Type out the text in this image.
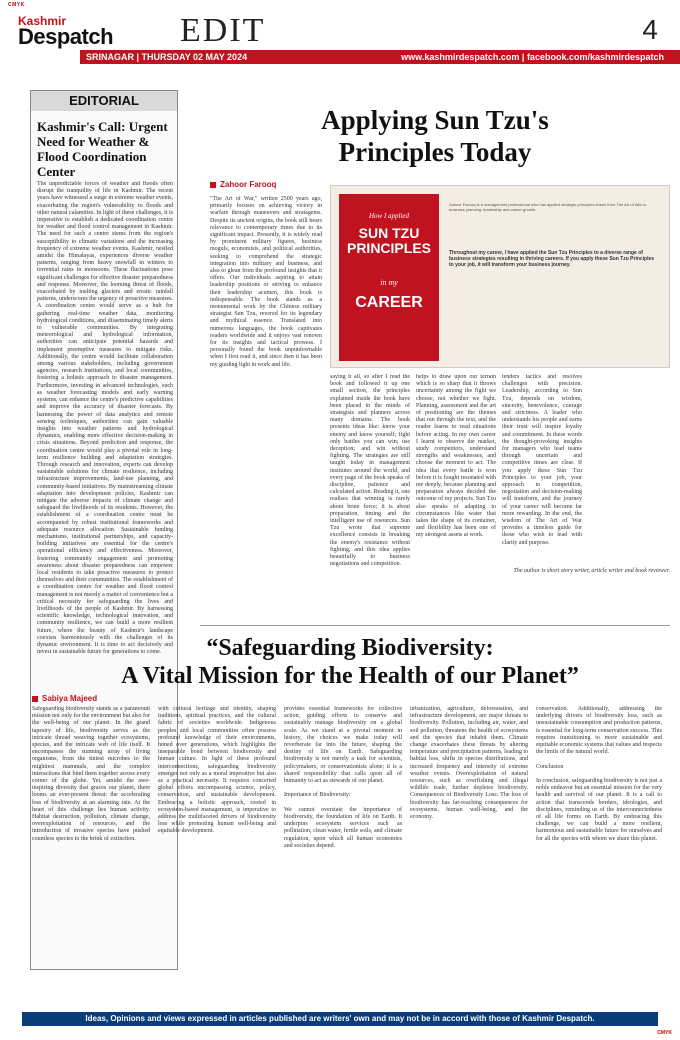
CMYK
Kashmir
Despatch EDIT	4
SRINAGAR | THURSDAY 02 MAY 2024	www.kashmirdespatch.com | facebook.com/kashmirdespatch
EDITORIAL
Kashmir's Call: Urgent Need for Weather & Flood Coordination Center
The unpredictable forces of weather and floods often disrupt the tranquility of life in Kashmir. The recent years have witnessed a surge in extreme weather events, exacerbating the region's vulnerability to floods and other natural calamities. In light of these challenges, it is imperative to establish a dedicated coordination centre for weather and flood control management in Kashmir. The need for such a centre stems from the region's susceptibility to climatic variations and the increasing frequency of extreme weather events. Kashmir, nestled amidst the Himalayas, experiences diverse weather patterns, ranging from heavy snowfall in winters to torrential rains in monsoons. These fluctuations pose significant challenges for effective disaster preparedness and response. Moreover, the looming threat of floods, exacerbated by melting glaciers and erratic rainfall patterns, underscores the urgency of proactive measures. A coordination centre would serve as a hub for gathering real-time weather data, monitoring hydrological conditions, and disseminating timely alerts to vulnerable communities. By integrating meteorological and hydrological information, authorities can anticipate potential hazards and implement preemptive measures to mitigate risks. Additionally, the centre would facilitate collaboration among various stakeholders, including government agencies, research institutions, and local communities, fostering a holistic approach to disaster management. Furthermore, investing in advanced technologies, such as weather forecasting models and early warning systems, can enhance the centre's predictive capabilities and improve the accuracy of disaster forecasts. By harnessing the power of data analytics and remote sensing techniques, authorities can gain valuable insights into weather patterns and hydrological dynamics, enabling more effective decision-making in crisis situations. Beyond prediction and response, the coordination centre would play a pivotal role in long-term resilience building and adaptation strategies. Through research and innovation, experts can develop sustainable solutions for climate resilience, including infrastructure improvements, land-use planning, and community-based initiatives. By mainstreaming climate adaptation into development policies, Kashmir can mitigate the adverse impacts of climate change and safeguard the livelihoods of its residents. However, the establishment of a coordination centre must be accompanied by robust institutional frameworks and adequate resource allocation. Sustainable funding mechanisms, institutional partnerships, and capacity-building initiatives are essential for the centre's operational efficiency and effectiveness. Moreover, fostering community engagement and promoting awareness about disaster preparedness can empower local residents to take proactive measures to protect themselves and their communities. The establishment of a coordination centre for weather and flood control management is not merely a matter of convenience but a critical necessity for safeguarding the lives and livelihoods of the people of Kashmir. By harnessing scientific knowledge, technological innovation, and community resilience, we can build a more resilient future, where the beauty of Kashmir's landscape coexists harmoniously with the challenges of its dynamic environment. It is time to act decisively and invest in sustainable future for generations to come.
Applying Sun Tzu's
Principles Today
Zahoor Farooq
"The Art of War," written 2500 years ago, primarily focuses on achieving victory in warfare through maneuvers and stratagems. Despite its ancient origins, the book still bears relevance to contemporary times due to its significant impact. Presently, it is widely read by prominent military figures, business moguls, economists, and political authorities, seeking to comprehend the strategic integration into military and business, and also to glean from the profound insights that it offers. Our individuals aspiring to attain leadership positions or striving to enhance their leadership acumen, this book is indispensable. The book stands as a monumental work by the Chinese military strategist Sun Tzu, revered for its legendary and mythical essence. Translated into numerous languages, the book captivates readers worldwide and it enjoys vast renown for its insights and tactical prowess. I personally found the book unputdownable when I first read it, and since then it has been my guiding light in work and life.
How I applied
SUN TZU PRINCIPLES
in my
CAREER
Zahoor Farooq is a management professional who has applied strategic principles drawn from The Art of War to business planning, leadership and career growth.
Throughout my career, I have applied the Sun Tzu Principles to a diverse range of business strategies resulting in thriving careers. If you apply these Sun Tzu Principles to your job, it will transform your business journey.
saying it all, so after I read the book and followed it up one small section, the principles explained inside the book have been placed in the minds of strategists and planners across many domains. The book presents ideas like: know your enemy and know yourself; fight only battles you can win; use deception; and win without fighting. The strategies are still taught today in management institutes around the world, and every page of the book speaks of discipline, patience and calculated action. Reading it, one realises that winning is rarely about brute force; it is about preparation, timing and the intelligent use of resources. Sun Tzu wrote that supreme excellence consists in breaking the enemy's resistance without fighting, and this idea applies beautifully to business negotiations and competition.
helps to draw upon our terrain which is so sharp that it throws uncertainty among the fight we choose, not whether we fight. Planning, assessment and the art of positioning are the themes that run through the text, and the reader learns to read situations before acting. In my own career I learnt to observe the market, study competitors, understand strengths and weaknesses, and choose the moment to act. The idea that every battle is won before it is fought resonated with me deeply, because planning and preparation always decided the outcome of my projects. Sun Tzu also speaks of adapting to circumstances like water that takes the shape of its container, and flexibility has been one of my strongest assets at work.
tenders tactics and resolves challenges with precision. Leadership, according to Sun Tzu, depends on wisdom, sincerity, benevolence, courage and strictness. A leader who understands his people and earns their trust will inspire loyalty and commitment. In these words the thought-provoking insights for managers who lead teams through uncertain and competitive times are clear. If you apply these Sun Tzu Principles to your job, your approach to competition, negotiation and decision-making will transform, and the journey of your career will become far more rewarding. In the end, the wisdom of The Art of War provides a timeless guide for those who wish to lead with clarity and purpose.
The author is short story writer, article writer and book reviewer.
“Safeguarding Biodiversity:
A Vital Mission for the Health of our Planet”
Sabiya Majeed
Safeguarding biodiversity stands as a paramount mission not only for the environment but also for the well-being of our planet. In the grand tapestry of life, biodiversity serves as the intricate thread weaving together ecosystems, species, and the intricate web of life itself. It encompasses the stunning array of living organisms, from the tiniest microbes to the mightiest mammals, and the complex interactions that bind them together across every corner of the globe. Yet, amidst the awe-inspiring diversity that graces our planet, there looms an ever-present threat: the accelerating loss of biodiversity at an alarming rate. At the heart of this challenge lies human activity. Habitat destruction, pollution, climate change, overexploitation of resources, and the introduction of invasive species have pushed countless species to the brink of extinction.
with cultural heritage and identity, shaping traditions, spiritual practices, and the cultural fabric of societies worldwide. Indigenous peoples and local communities often possess profound knowledge of their environments, honed over generations, which highlights the inseparable bond between biodiversity and human culture. In light of these profound interconnections, safeguarding biodiversity emerges not only as a moral imperative but also as a practical necessity. It requires concerted global efforts encompassing science, policy, conservation, and sustainable development. Embracing a holistic approach, rooted in ecosystem-based management, is imperative to address the multifaceted drivers of biodiversity loss while promoting human well-being and equitable development.
provides essential frameworks for collective action, guiding efforts to conserve and sustainably manage biodiversity on a global scale. As we stand at a pivotal moment in history, the choices we make today will reverberate far into the future, shaping the destiny of life on Earth. Safeguarding biodiversity is not merely a task for scientists, policymakers, or conservationists alone; it is a shared responsibility that calls upon all of humanity to act as stewards of our planet.

Importance of Biodiversity:

We cannot overstate the importance of biodiversity, the foundation of life on Earth. It underpins ecosystem services such as pollination, clean water, fertile soils, and climate regulation, upon which all human economies and societies depend.
urbanization, agriculture, deforestation, and infrastructure development, are major threats to biodiversity. Pollution, including air, water, and soil pollution, threatens the health of ecosystems and the species that inhabit them. Climate change exacerbates these threats by altering temperature and precipitation patterns, leading to habitat loss, shifts in species distributions, and increased frequency and intensity of extreme weather events. Overexploitation of natural resources, such as overfishing and illegal wildlife trade, further depletes biodiversity. Consequences of Biodiversity Loss: The loss of biodiversity has far-reaching consequences for ecosystems, human well-being, and the economy.
conservation. Additionally, addressing the underlying drivers of biodiversity loss, such as unsustainable consumption and production patterns, is essential for long-term conservation success. This requires transitioning to more sustainable and equitable economic systems that values and respects the limits of the natural world.

Conclusion

In conclusion, safeguarding biodiversity is not just a noble endeavor but an essential mission for the very health and survival of our planet. It is a call to action that transcends borders, ideologies, and disciplines, reminding us of the interconnectedness of all life forms on Earth. By embracing this challenge, we can build a more resilient, harmonious and sustainable future for ourselves and for all the species with whom we share this planet.
Ideas, Opinions and views expressed in articles published are writers' own and may not be in accord with those of Kashmir Despatch.
CMYK
